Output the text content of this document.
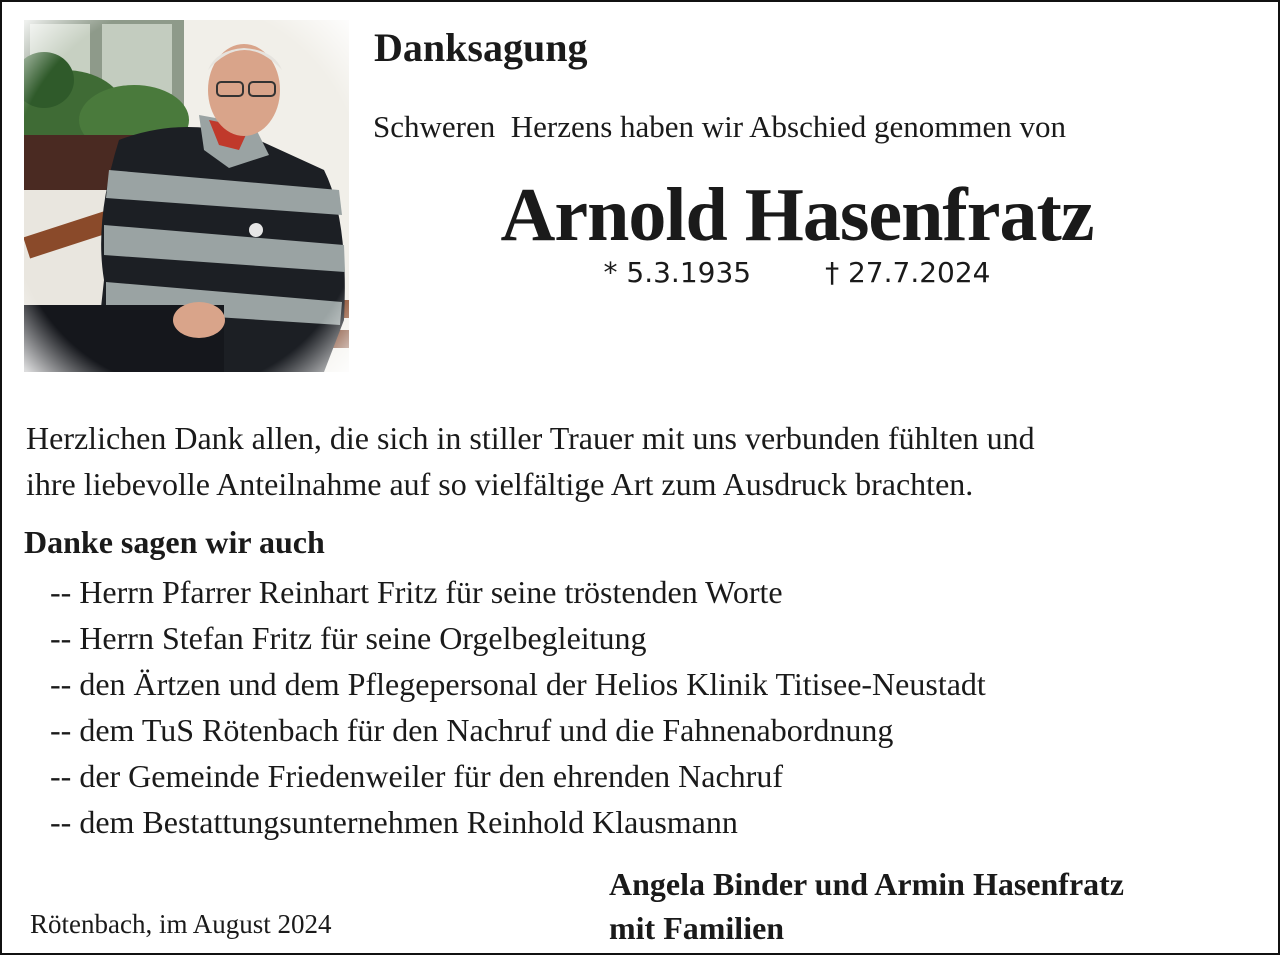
Danksagung
Schweren  Herzens haben wir Abschied genommen von
Arnold Hasenfratz
* 5.3.1935	† 27.7.2024

Herzlichen Dank allen, die sich in stiller Trauer mit uns verbunden fühlten und

ihre liebevolle Anteilnahme auf so vielfältige Art zum Ausdruck brachten.

Danke sagen wir auch
-- Herrn Pfarrer Reinhart Fritz für seine tröstenden Worte
-- Herrn Stefan Fritz für seine Orgelbegleitung
-- den Ärtzen und dem Pflegepersonal der Helios Klinik Titisee-Neustadt
-- dem TuS Rötenbach für den Nachruf und die Fahnenabordnung
-- der Gemeinde Friedenweiler für den ehrenden Nachruf
-- dem Bestattungsunternehmen Reinhold Klausmann
Rötenbach, im August 2024
Angela Binder und Armin Hasenfratz
mit Familien
